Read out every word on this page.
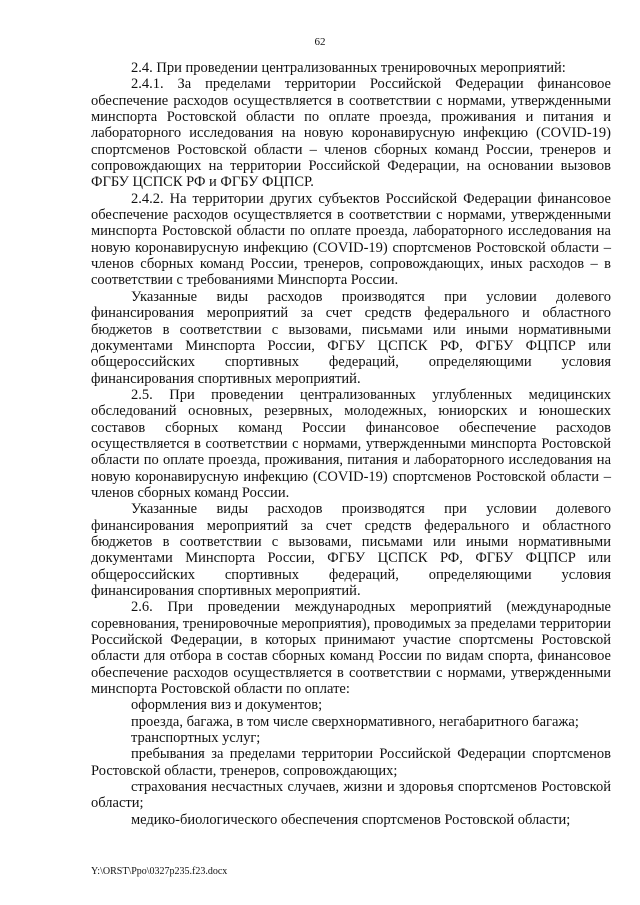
62

2.4. При проведении централизованных тренировочных мероприятий:

2.4.1. За пределами территории Российской Федерации финансовое обеспечение расходов осуществляется в соответствии с нормами, утвержденными минспорта Ростовской области по оплате проезда, проживания и питания и лабораторного исследования на новую коронавирусную инфекцию (COVID-19) спортсменов Ростовской области – членов сборных команд России, тренеров и сопровождающих на территории Российской Федерации, на основании вызовов ФГБУ ЦСПСК РФ и ФГБУ ФЦПСР.

2.4.2. На территории других субъектов Российской Федерации финансовое обеспечение расходов осуществляется в соответствии с нормами, утвержденными минспорта Ростовской области по оплате проезда, лабораторного исследования на новую коронавирусную инфекцию (COVID-19) спортсменов Ростовской области – членов сборных команд России, тренеров, сопровождающих, иных расходов – в соответствии с требованиями Минспорта России.

Указанные виды расходов производятся при условии долевого финансирования мероприятий за счет средств федерального и областного бюджетов в соответствии с вызовами, письмами или иными нормативными документами Минспорта России, ФГБУ ЦСПСК РФ, ФГБУ ФЦПСР или общероссийских спортивных федераций, определяющими условия финансирования спортивных мероприятий.

2.5. При проведении централизованных углубленных медицинских обследований основных, резервных, молодежных, юниорских и юношеских составов сборных команд России финансовое обеспечение расходов осуществляется в соответствии с нормами, утвержденными минспорта Ростовской области по оплате проезда, проживания, питания и лабораторного исследования на новую коронавирусную инфекцию (COVID-19) спортсменов Ростовской области – членов сборных команд России.

Указанные виды расходов производятся при условии долевого финансирования мероприятий за счет средств федерального и областного бюджетов в соответствии с вызовами, письмами или иными нормативными документами Минспорта России, ФГБУ ЦСПСК РФ, ФГБУ ФЦПСР или общероссийских спортивных федераций, определяющими условия финансирования спортивных мероприятий.

2.6. При проведении международных мероприятий (международные соревнования, тренировочные мероприятия), проводимых за пределами территории Российской Федерации, в которых принимают участие спортсмены Ростовской области для отбора в состав сборных команд России по видам спорта, финансовое обеспечение расходов осуществляется в соответствии с нормами, утвержденными минспорта Ростовской области по оплате:

оформления виз и документов;

проезда, багажа, в том числе сверхнормативного, негабаритного багажа;

транспортных услуг;

пребывания за пределами территории Российской Федерации спортсменов Ростовской области, тренеров, сопровождающих;

страхования несчастных случаев, жизни и здоровья спортсменов Ростовской области;

медико-биологического обеспечения спортсменов Ростовской области;

Y:\ORST\Ppo\0327p235.f23.docx
